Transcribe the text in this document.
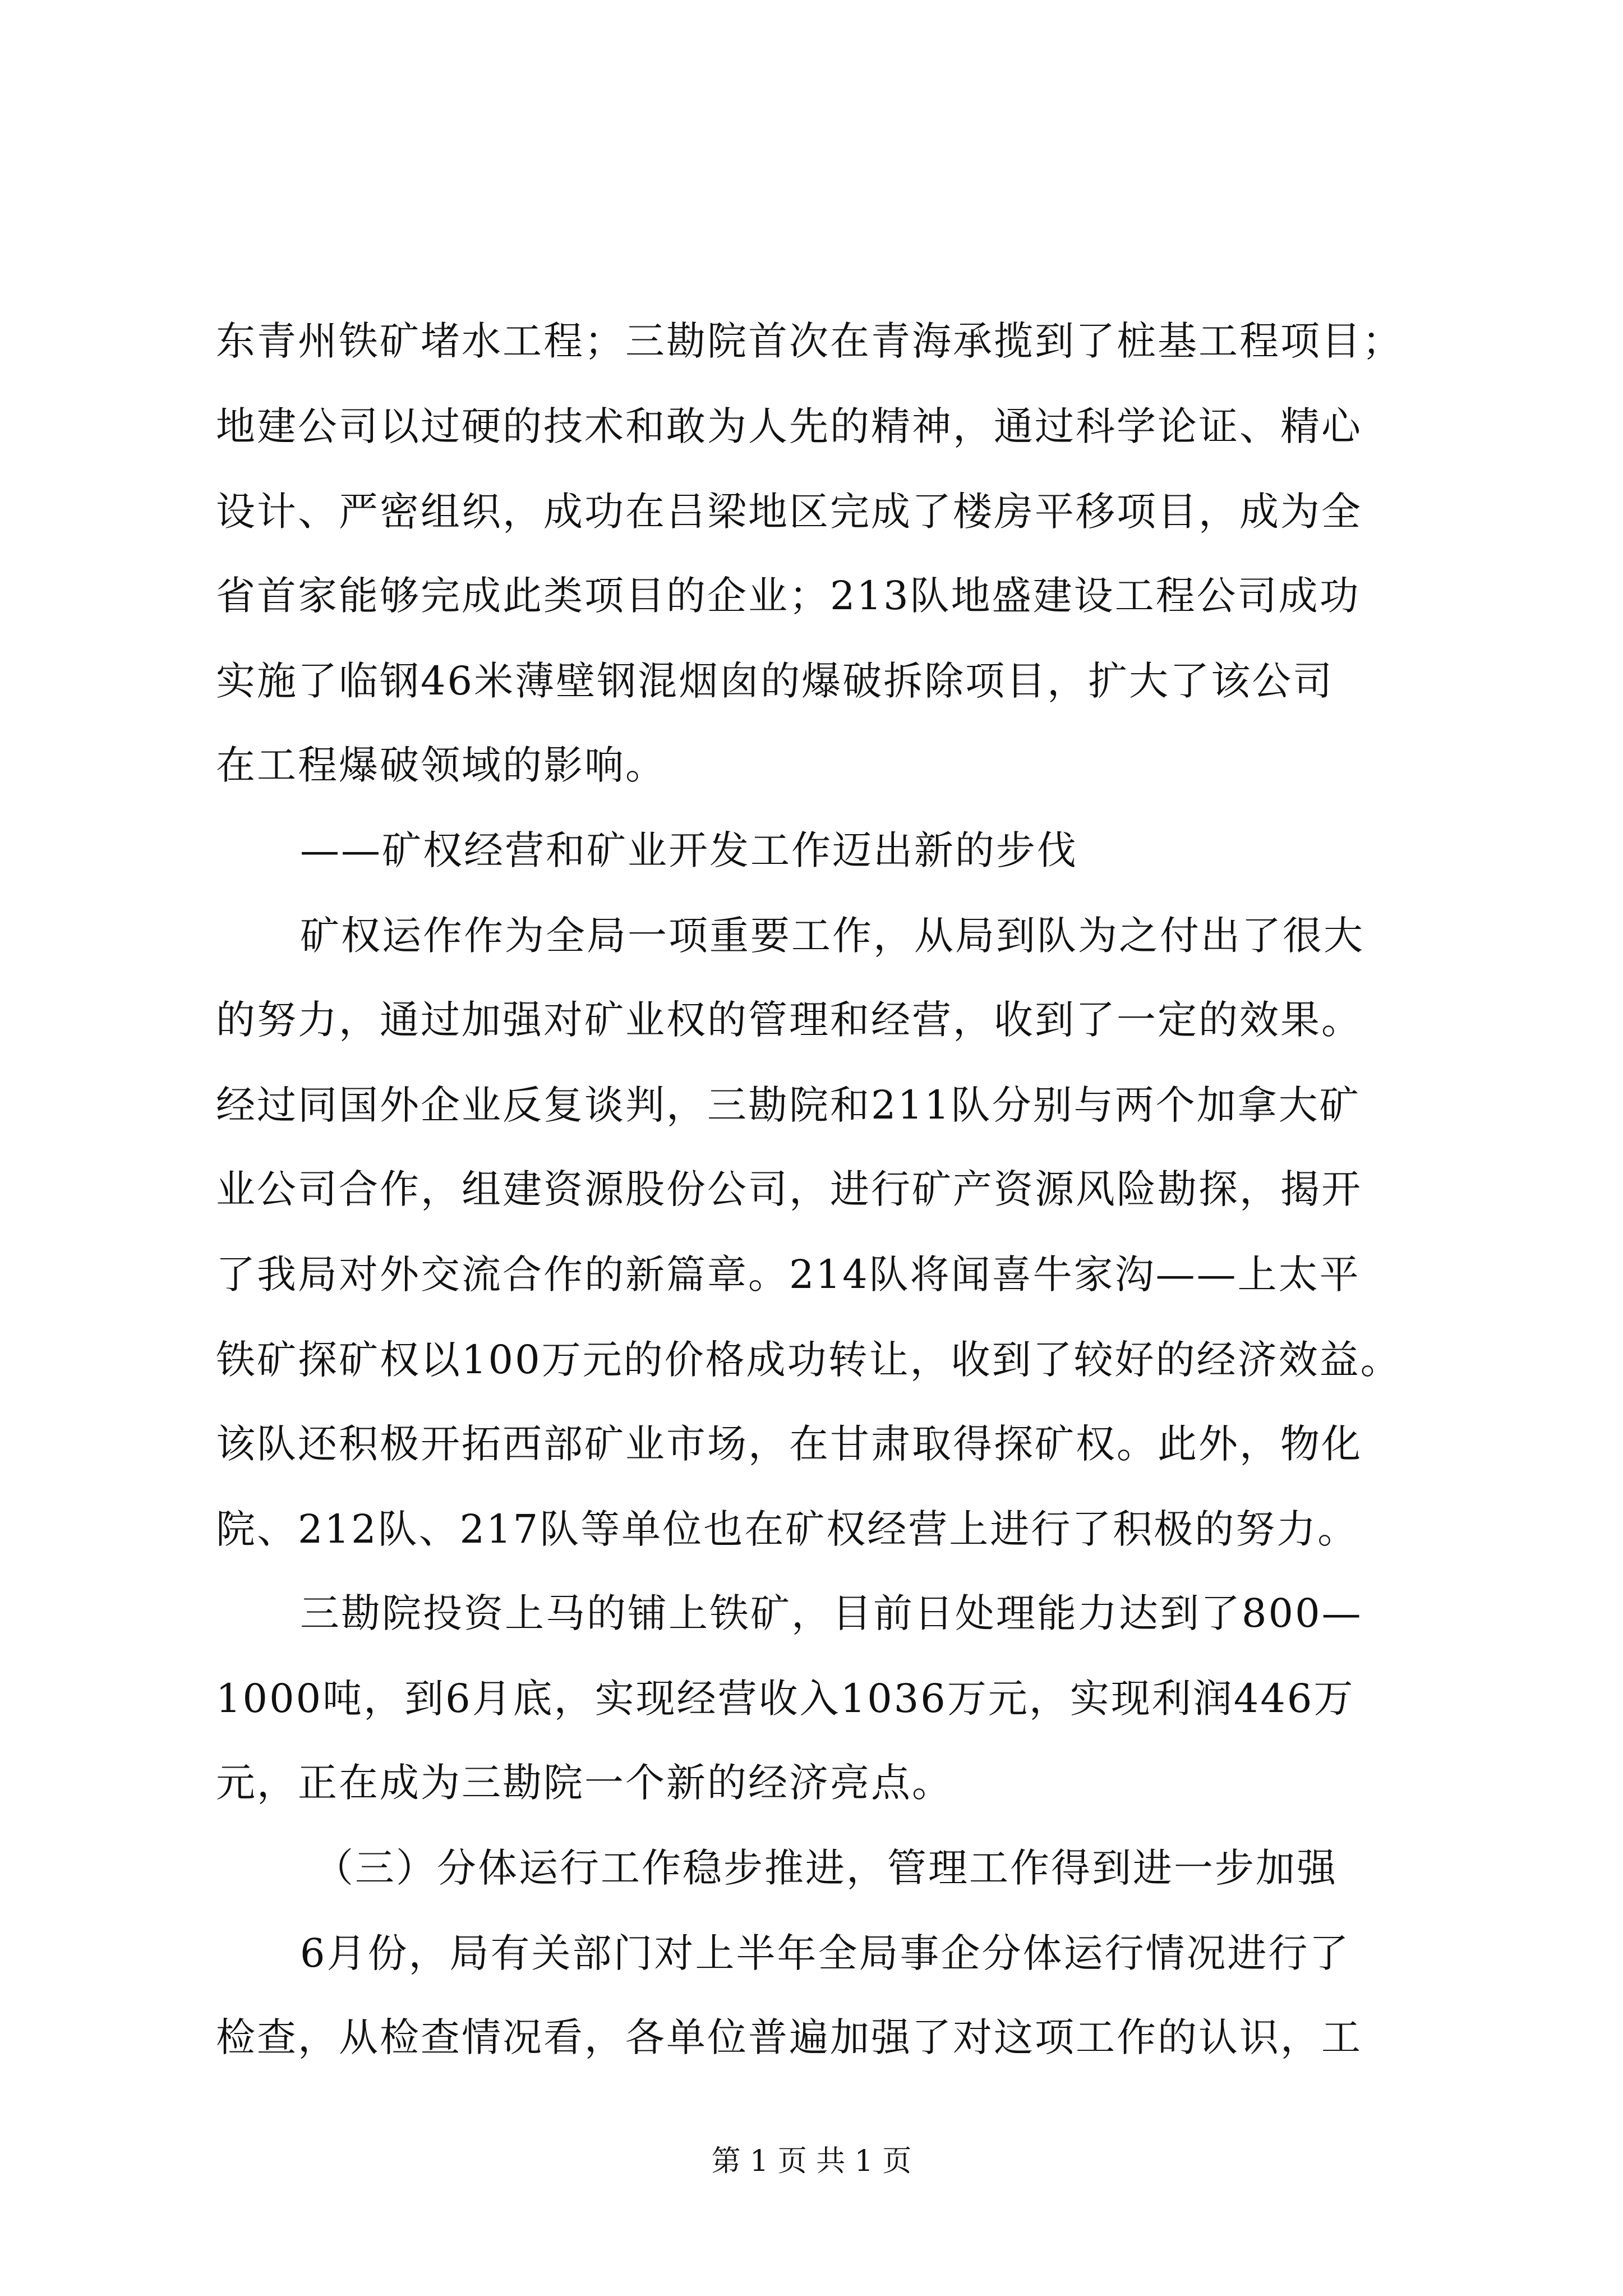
东青州铁矿堵水工程；三勘院首次在青海承揽到了桩基工程项目；
地建公司以过硬的技术和敢为人先的精神，通过科学论证、精心
设计、严密组织，成功在吕梁地区完成了楼房平移项目，成为全
省首家能够完成此类项目的企业；213队地盛建设工程公司成功
实施了临钢46米薄壁钢混烟囱的爆破拆除项目，扩大了该公司
在工程爆破领域的影响。
——矿权经营和矿业开发工作迈出新的步伐
矿权运作作为全局一项重要工作，从局到队为之付出了很大
的努力，通过加强对矿业权的管理和经营，收到了一定的效果。
经过同国外企业反复谈判，三勘院和211队分别与两个加拿大矿
业公司合作，组建资源股份公司，进行矿产资源风险勘探，揭开
了我局对外交流合作的新篇章。214队将闻喜牛家沟——上太平
铁矿探矿权以100万元的价格成功转让，收到了较好的经济效益。
该队还积极开拓西部矿业市场，在甘肃取得探矿权。此外，物化
院、212队、217队等单位也在矿权经营上进行了积极的努力。
三勘院投资上马的铺上铁矿，目前日处理能力达到了800—
1000吨，到6月底，实现经营收入1036万元，实现利润446万
元，正在成为三勘院一个新的经济亮点。
（三）分体运行工作稳步推进，管理工作得到进一步加强
6月份，局有关部门对上半年全局事企分体运行情况进行了
检查，从检查情况看，各单位普遍加强了对这项工作的认识，工
第 1 页 共 1 页
